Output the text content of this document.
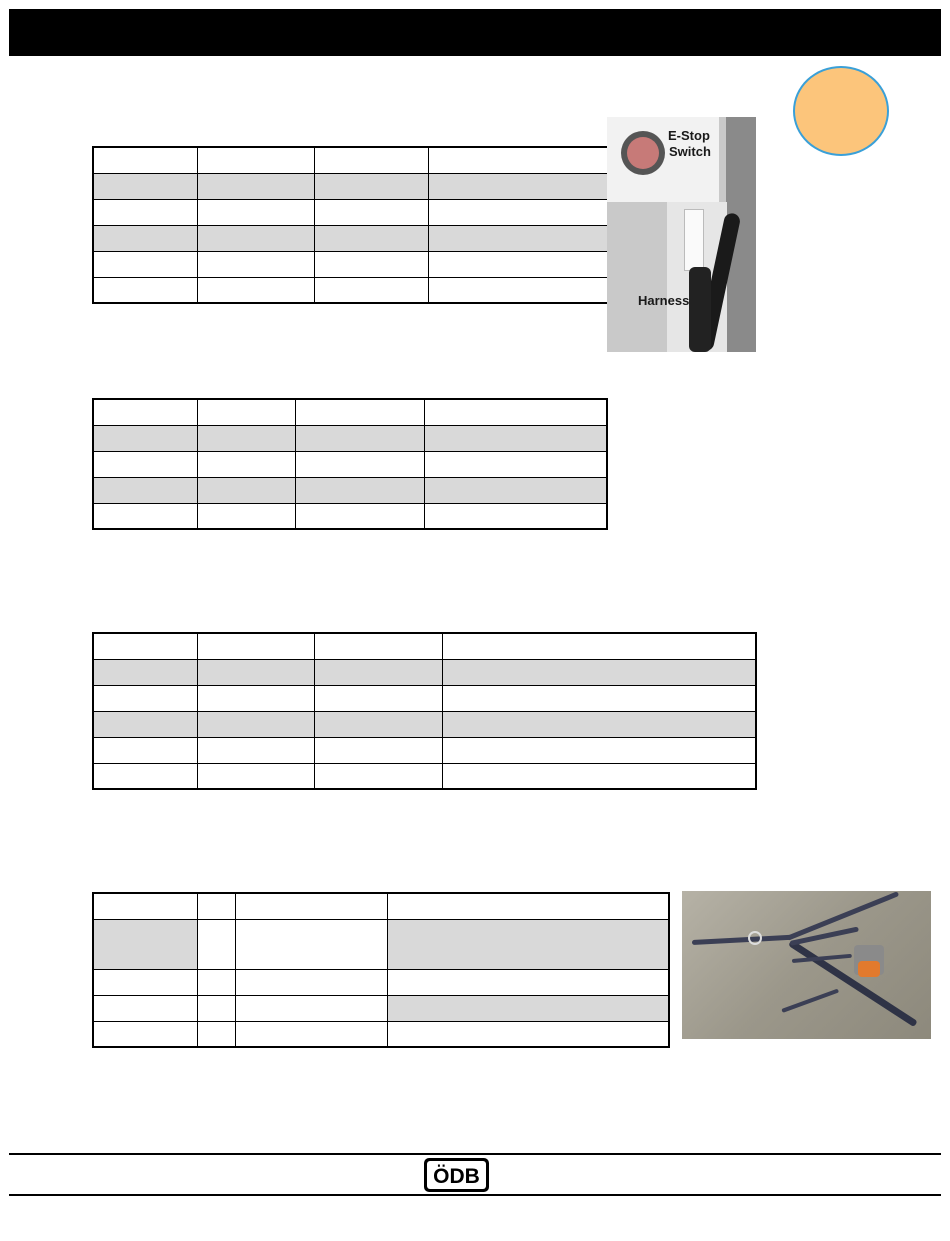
E-Stop
Switch
Harness

ÖDB
